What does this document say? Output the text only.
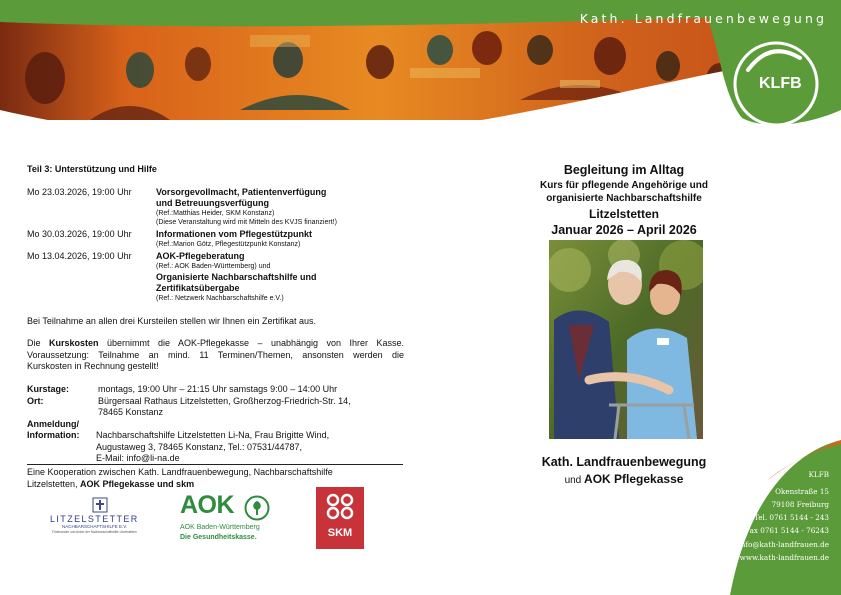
Kath. Landfrauenbewegung
KLFB
Teil 3: Unterstützung und Hilfe
Mo 23.03.2026, 19:00 Uhr	Vorsorgevollmacht, Patientenverfügung
und Betreuungsverfügung
(Ref.:Matthias Heider, SKM Konstanz)
(Diese Veranstaltung wird mit Mitteln des KVJS finanziert!)
Mo 30.03.2026, 19:00 Uhr	Informationen vom Pflegestützpunkt
(Ref.:Marion Götz, Pflegestützpunkt Konstanz)
Mo 13.04.2026, 19:00 Uhr	AOK-Pflegeberatung
(Ref.: AOK Baden-Württemberg) und
Organisierte Nachbarschaftshilfe und
Zertifikatsübergabe
(Ref.: Netzwerk Nachbarschaftshilfe e.V.)
Bei Teilnahme an allen drei Kursteilen stellen wir Ihnen ein Zertifikat aus.
Die Kurskosten übernimmt die AOK-Pflegekasse – unabhängig von Ihrer Kasse.
Voraussetzung: Teilnahme an mind. 11 Terminen/Themen, ansonsten werden die
Kurskosten in Rechnung gestellt!
Kurstage:	montags, 19:00 Uhr – 21:15 Uhr samstags 9:00 – 14:00 Uhr
Ort:	Bürgersaal Rathaus Litzelstetten, Großherzog-Friedrich-Str. 14,
78465 Konstanz
Anmeldung/
Information: Nachbarschaftshilfe Litzelstetten Li-Na, Frau Brigitte Wind,
Augustaweg 3, 78465 Konstanz, Tel.: 07531/44787,
E-Mail: info@li-na.de
Eine Kooperation zwischen Kath. Landfrauenbewegung, Nachbarschaftshilfe
Litzelstetten, AOK Pflegekasse und skm
LITZELSTETTER
NACHBARSCHAFTSHILFE E.V.
Füreinander und Anker der Nachbarschaftshilfe Litzelstetten
AOK
AOK Baden-Württemberg
Die Gesundheitskasse.	SKM
Begleitung im Alltag
Kurs für pflegende Angehörige und
organisierte Nachbarschaftshilfe
Litzelstetten
Januar 2026 – April 2026
Kath. Landfrauenbewegung
und AOK Pflegekasse	KLFB
Okenstraße 15
79108 Freiburg
Tel. 0761 5144 - 243
Fax 0761 5144 - 76243
info@kath-landfrauen.de
www.kath-landfrauen.de
